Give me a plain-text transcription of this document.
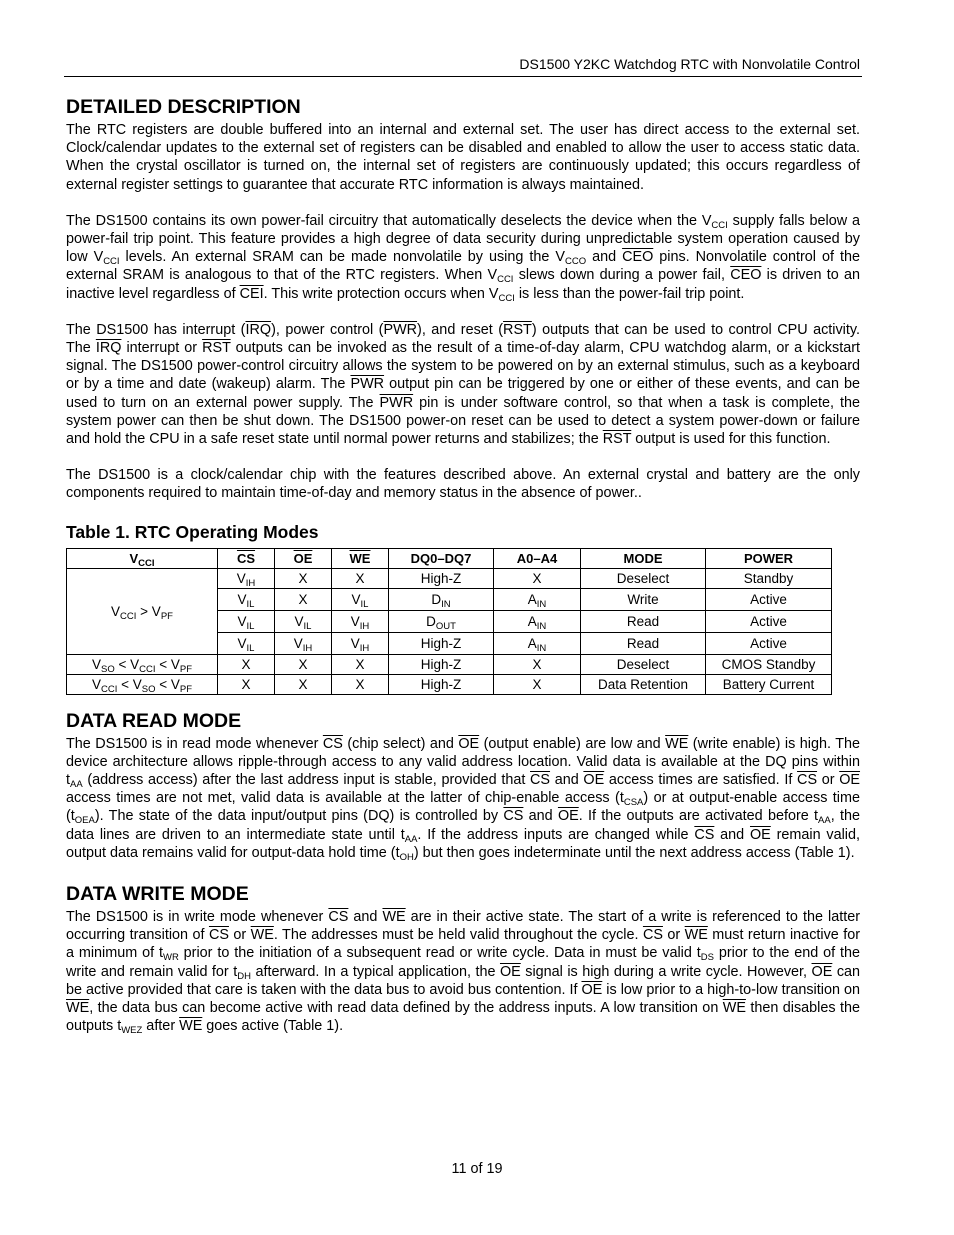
DS1500 Y2KC Watchdog RTC with Nonvolatile Control
DETAILED DESCRIPTION

The RTC registers are double buffered into an internal and external set. The user has direct access to the external set. Clock/calendar updates to the external set of registers can be disabled and enabled to allow the user to access static data. When the crystal oscillator is turned on, the internal set of registers are continuously updated; this occurs regardless of external register settings to guarantee that accurate RTC information is always maintained.

The DS1500 contains its own power-fail circuitry that automatically deselects the device when the $V_{CCI}$ supply falls below a power-fail trip point. This feature provides a high degree of data security during unpredictable system operation caused by low $V_{CCI}$ levels. An external SRAM can be made nonvolatile by using the $V_{CCO}$ and $\overline{CEO}$ pins. Nonvolatile control of the external SRAM is analogous to that of the RTC registers. When $V_{CCI}$ slews down during a power fail, $\overline{CEO}$ is driven to an inactive level regardless of $\overline{CEI}$. This write protection occurs when $V_{CCI}$ is less than the power-fail trip point.

The DS1500 has interrupt $(\overline{IRQ})$, power control $(\overline{PWR})$, and reset $(\overline{RST})$ outputs that can be used to control CPU activity. The $\overline{IRQ}$ interrupt or $\overline{RST}$ outputs can be invoked as the result of a time-of-day alarm, CPU watchdog alarm, or a kickstart signal. The DS1500 power-control circuitry allows the system to be powered on by an external stimulus, such as a keyboard or by a time and date (wakeup) alarm. The $\overline{PWR}$ output pin can be triggered by one or either of these events, and can be used to turn on an external power supply. The $\overline{PWR}$ pin is under software control, so that when a task is complete, the system power can then be shut down. The DS1500 power-on reset can be used to detect a system power-down or failure and hold the CPU in a safe reset state until normal power returns and stabilizes; the $\overline{RST}$ output is used for this function.

The DS1500 is a clock/calendar chip with the features described above. An external crystal and battery are the only components required to maintain time-of-day and memory status in the absence of power..

Table 1. RTC Operating Modes
$V_{CCI}$	$\overline{CS}$	$\overline{OE}$	$\overline{WE}$	DQ0–DQ7	A0–A4	MODE	POWER
$V_{CCI} > V_{PF}$	$V_{IH}$	X	X	High-Z	X	Deselect	Standby
	$V_{IL}$	X	$V_{IL}$	$D_{IN}$	$A_{IN}$	Write	Active
	$V_{IL}$	$V_{IL}$	$V_{IH}$	$D_{OUT}$	$A_{IN}$	Read	Active
	$V_{IL}$	$V_{IH}$	$V_{IH}$	High-Z	$A_{IN}$	Read	Active
$V_{SO} < V_{CCI} < V_{PF}$	X	X	X	High-Z	X	Deselect	CMOS Standby
$V_{CCI} < V_{SO} < V_{PF}$	X	X	X	High-Z	X	Data Retention	Battery Current
DATA READ MODE

The DS1500 is in read mode whenever $\overline{CS}$ (chip select) and $\overline{OE}$ (output enable) are low and $\overline{WE}$ (write enable) is high. The device architecture allows ripple-through access to any valid address location. Valid data is available at the DQ pins within $t_{AA}$ (address access) after the last address input is stable, provided that $\overline{CS}$ and $\overline{OE}$ access times are satisfied. If $\overline{CS}$ or $\overline{OE}$ access times are not met, valid data is available at the latter of chip-enable access $(t_{CSA})$ or at output-enable access time $(t_{OEA})$. The state of the data input/output pins (DQ) is controlled by $\overline{CS}$ and $\overline{OE}$. If the outputs are activated before $t_{AA}$, the data lines are driven to an intermediate state until $t_{AA}$. If the address inputs are changed while $\overline{CS}$ and $\overline{OE}$ remain valid, output data remains valid for output-data hold time $(t_{OH})$ but then goes indeterminate until the next address access (Table 1).

DATA WRITE MODE

The DS1500 is in write mode whenever $\overline{CS}$ and $\overline{WE}$ are in their active state. The start of a write is referenced to the latter occurring transition of $\overline{CS}$ or $\overline{WE}$. The addresses must be held valid throughout the cycle. $\overline{CS}$ or $\overline{WE}$ must return inactive for a minimum of $t_{WR}$ prior to the initiation of a subsequent read or write cycle. Data in must be valid $t_{DS}$ prior to the end of the write and remain valid for $t_{DH}$ afterward. In a typical application, the $\overline{OE}$ signal is high during a write cycle. However, $\overline{OE}$ can be active provided that care is taken with the data bus to avoid bus contention. If $\overline{OE}$ is low prior to a high-to-low transition on $\overline{WE}$, the data bus can become active with read data defined by the address inputs. A low transition on $\overline{WE}$ then disables the outputs $t_{WEZ}$ after $\overline{WE}$ goes active (Table 1).

11 of 19
